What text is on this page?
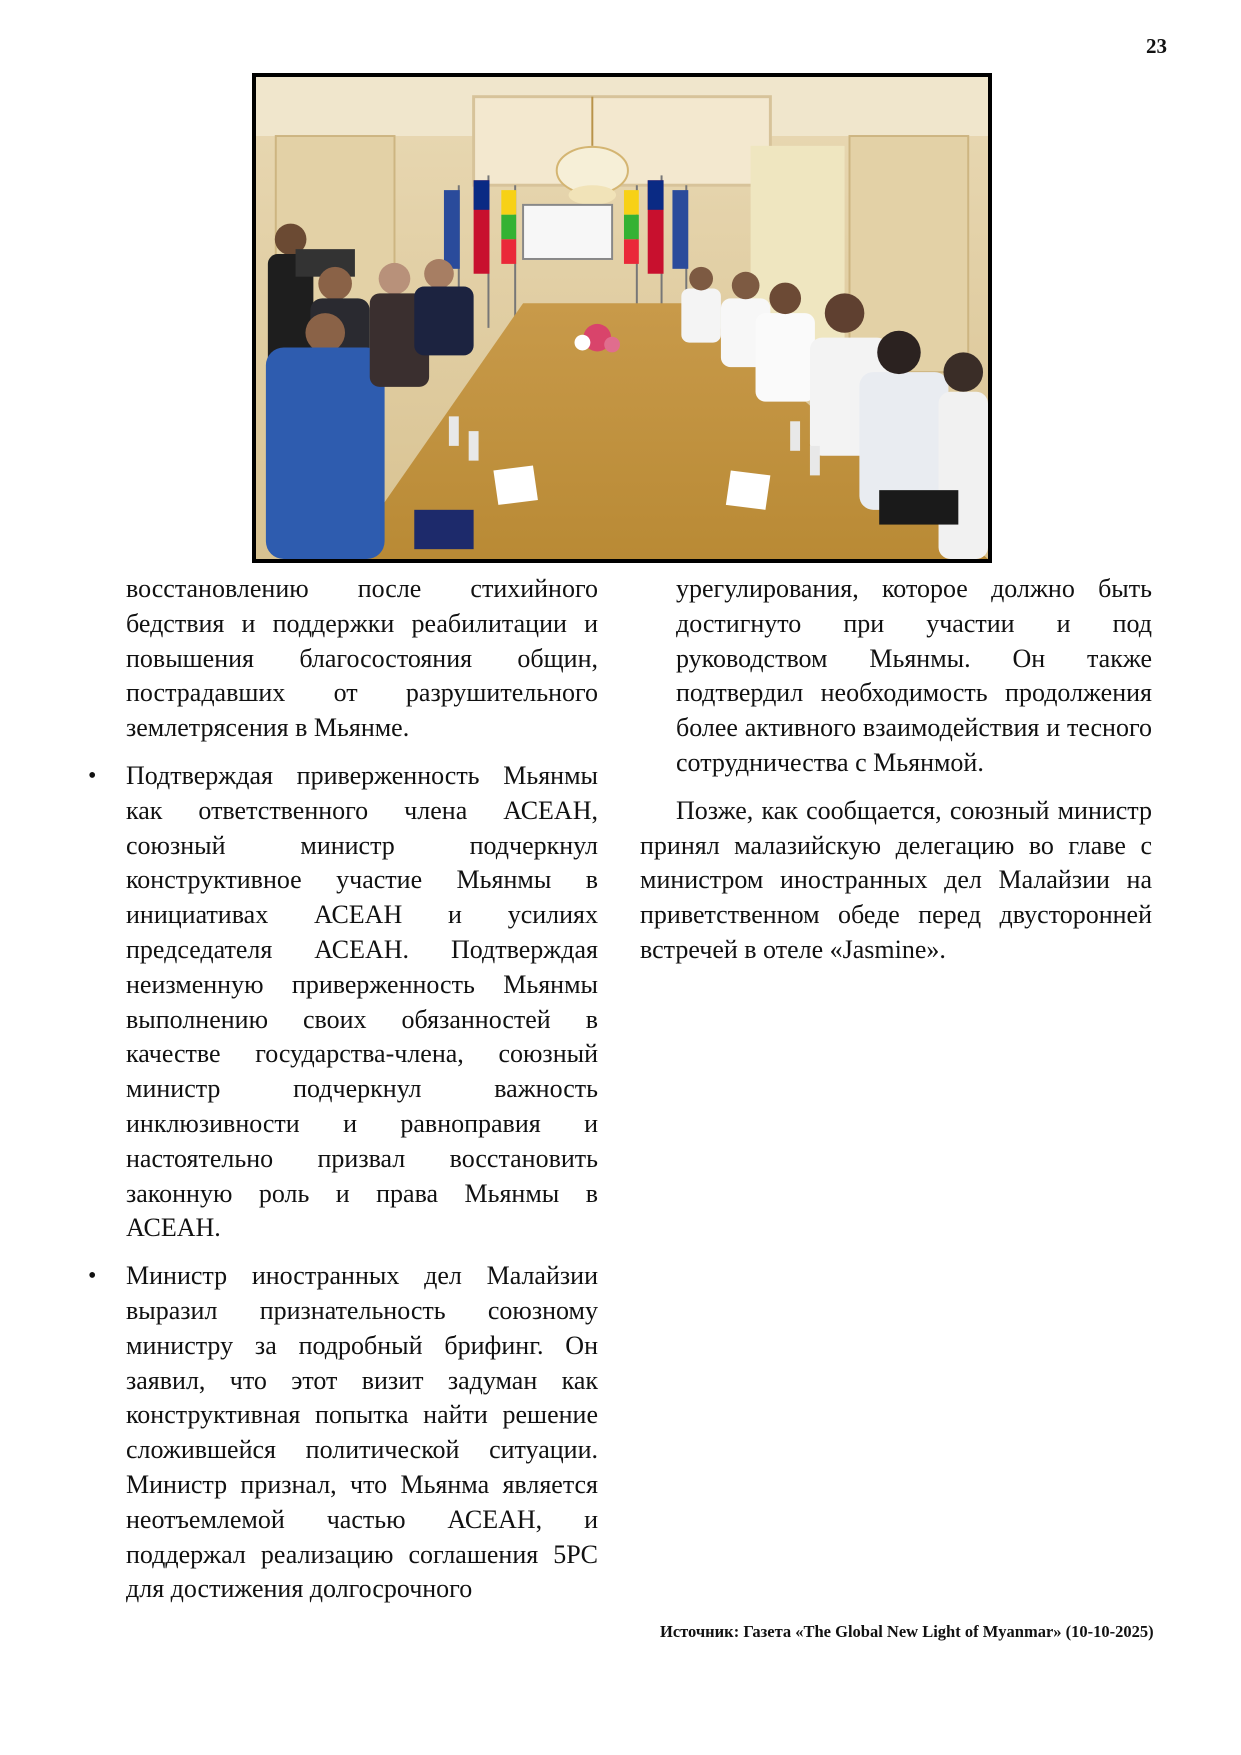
23

восстановлению после стихийного бедствия и поддержки реабилитации и повышения благосостояния общин, пострадавших от разрушительного землетрясения в Мьянме.

• Подтверждая приверженность Мьянмы как ответственного члена АСЕАН, союзный министр подчеркнул конструктивное участие Мьянмы в инициативах АСЕАН и усилиях председателя АСЕАН. Подтверждая неизменную приверженность Мьянмы выполнению своих обязанностей в качестве государства-члена, союзный министр подчеркнул важность инклюзивности и равноправия и настоятельно призвал восстановить законную роль и права Мьянмы в АСЕАН.
• Министр иностранных дел Малайзии выразил признательность союзному министру за подробный брифинг. Он заявил, что этот визит задуман как конструктивная попытка найти решение сложившейся политической ситуации. Министр признал, что Мьянма является неотъемлемой частью АСЕАН, и поддержал реализацию соглашения 5PC для достижения долгосрочного

урегулирования, которое должно быть достигнуто при участии и под руководством Мьянмы. Он также подтвердил необходимость продолжения более активного взаимодействия и тесного сотрудничества с Мьянмой.

Позже, как сообщается, союзный министр принял малазийскую делегацию во главе с министром иностранных дел Малайзии на приветственном обеде перед двусторонней встречей в отеле «Jasmine».

Источник: Газета «The Global New Light of Myanmar» (10-10-2025)
